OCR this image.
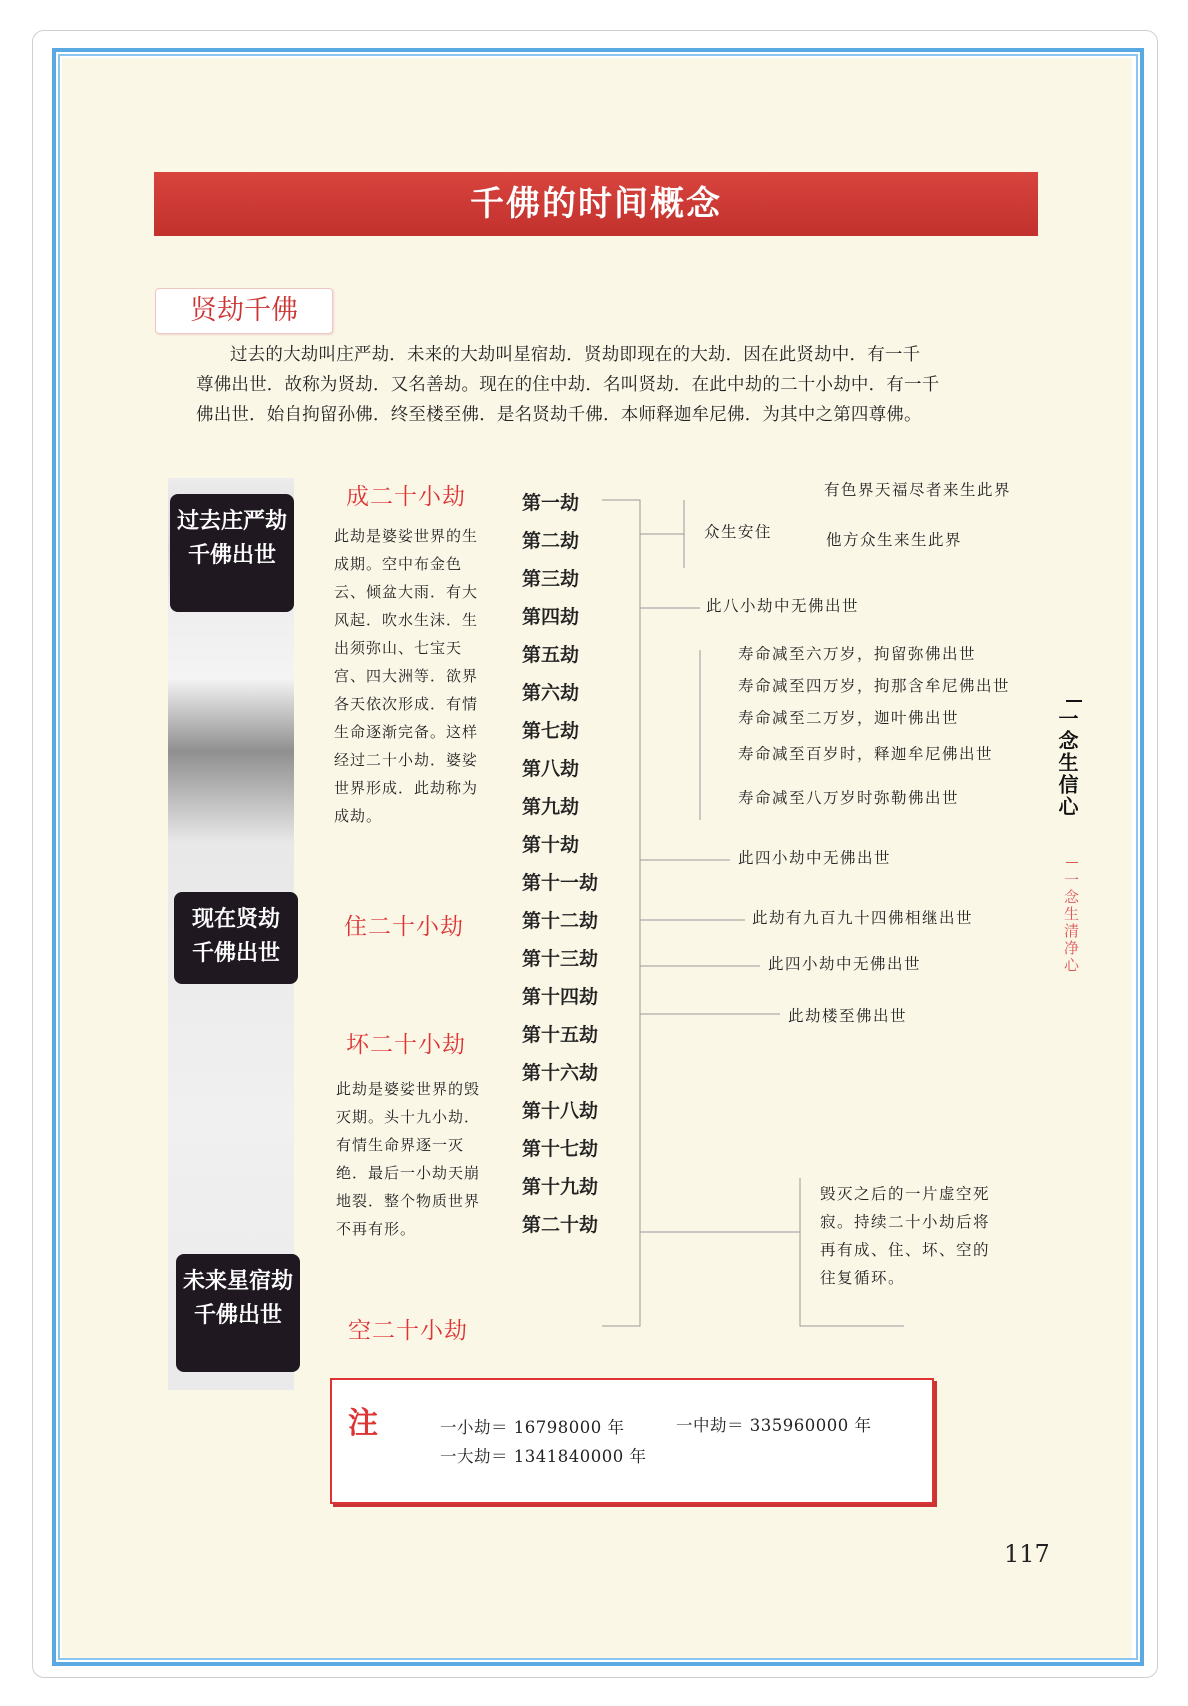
千佛的时间概念
贤劫千佛

过去的大劫叫庄严劫．未来的大劫叫星宿劫．贤劫即现在的大劫．因在此贤劫中．有一千

尊佛出世．故称为贤劫．又名善劫。现在的住中劫．名叫贤劫．在此中劫的二十小劫中．有一千

佛出世．始自拘留孙佛．终至楼至佛．是名贤劫千佛．本师释迦牟尼佛．为其中之第四尊佛。

过去庄严劫
千佛出世
现在贤劫
千佛出世
未来星宿劫
千佛出世
成二十小劫
住二十小劫
坏二十小劫
空二十小劫
此劫是婆娑世界的生成期。空中布金色云、倾盆大雨．有大风起．吹水生沫．生出须弥山、七宝天宫、四大洲等．欲界各天依次形成．有情生命逐渐完备。这样经过二十小劫．婆娑世界形成．此劫称为成劫。
此劫是婆娑世界的毁灭期。头十九小劫．有情生命界逐一灭绝．最后一小劫天崩地裂．整个物质世界不再有形。
第一劫
第二劫
第三劫
第四劫
第五劫
第六劫
第七劫
第八劫
第九劫
第十劫
第十一劫
第十二劫
第十三劫
第十四劫
第十五劫
第十六劫
第十八劫
第十七劫
第十九劫
第二十劫
有色界天福尽者来生此界
众生安住	他方众生来生此界
此八小劫中无佛出世
寿命减至六万岁，拘留弥佛出世
寿命减至四万岁，拘那含牟尼佛出世
寿命减至二万岁，迦叶佛出世
寿命减至百岁时，释迦牟尼佛出世
寿命减至八万岁时弥勒佛出世
此四小劫中无佛出世
此劫有九百九十四佛相继出世
此四小劫中无佛出世
此劫楼至佛出世
毁灭之后的一片虚空死寂。持续二十小劫后将再有成、住、坏、空的往复循环。
一念生信心
一念生清净心
注	一小劫＝ 16798000 年	一中劫＝ 335960000 年
一大劫＝ 1341840000 年
117
